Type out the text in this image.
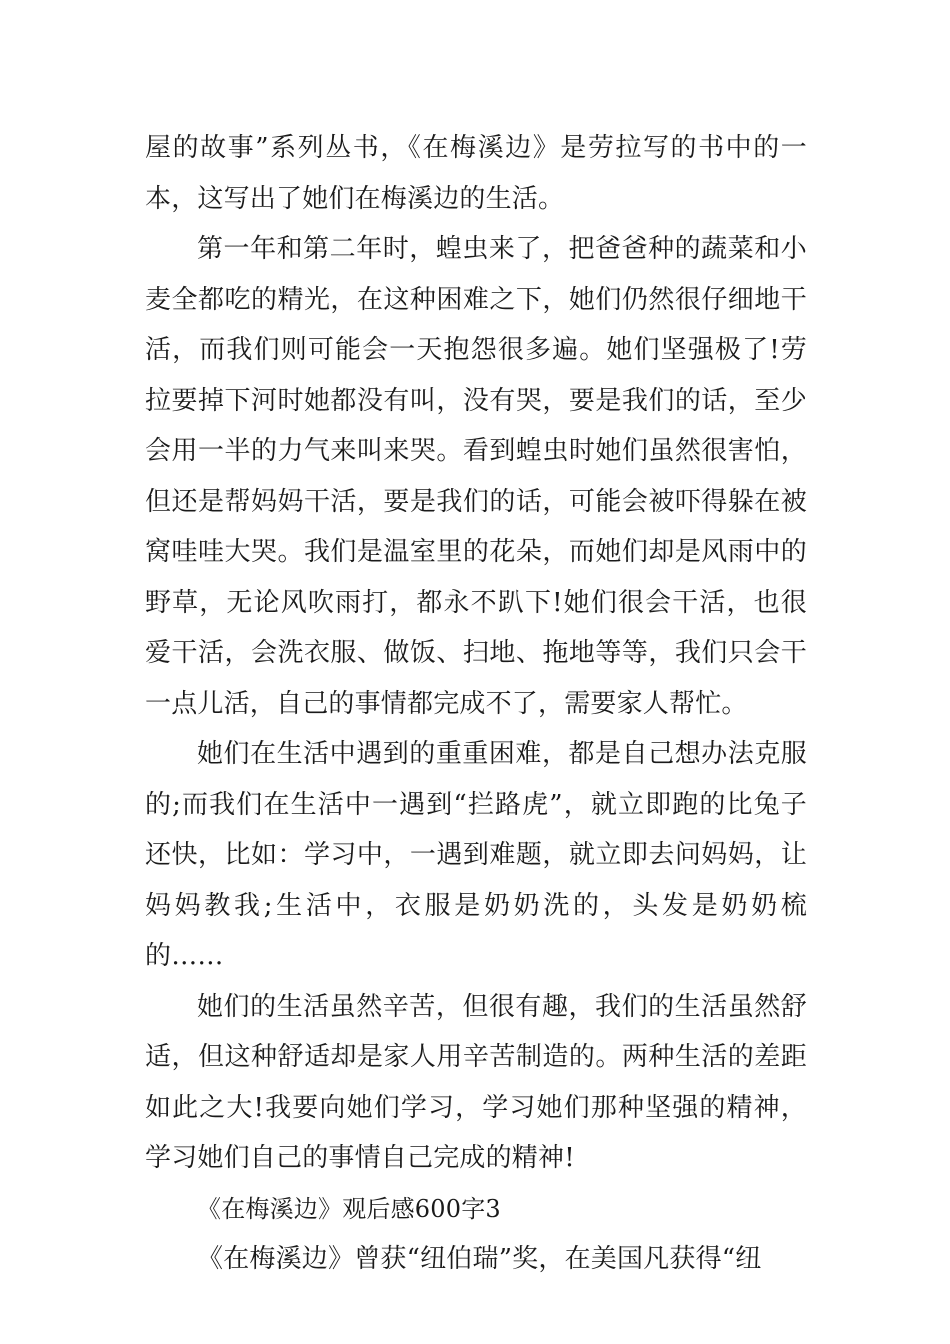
屋的故事”系列丛书，《在梅溪边》是劳拉写的书中的一本，这写出了她们在梅溪边的生活。

第一年和第二年时，蝗虫来了，把爸爸种的蔬菜和小麦全都吃的精光，在这种困难之下，她们仍然很仔细地干活，而我们则可能会一天抱怨很多遍。她们坚强极了!劳拉要掉下河时她都没有叫，没有哭，要是我们的话，至少会用一半的力气来叫来哭。看到蝗虫时她们虽然很害怕，但还是帮妈妈干活，要是我们的话，可能会被吓得躲在被窝哇哇大哭。我们是温室里的花朵，而她们却是风雨中的野草，无论风吹雨打，都永不趴下!她们很会干活，也很爱干活，会洗衣服、做饭、扫地、拖地等等，我们只会干一点儿活，自己的事情都完成不了，需要家人帮忙。

她们在生活中遇到的重重困难，都是自己想办法克服的;而我们在生活中一遇到“拦路虎”，就立即跑的比兔子还快，比如：学习中，一遇到难题，就立即去问妈妈，让妈妈教我;生活中，衣服是奶奶洗的，头发是奶奶梳的……

她们的生活虽然辛苦，但很有趣，我们的生活虽然舒适，但这种舒适却是家人用辛苦制造的。两种生活的差距如此之大!我要向她们学习，学习她们那种坚强的精神，学习她们自己的事情自己完成的精神!

《在梅溪边》观后感600字3

《在梅溪边》曾获“纽伯瑞”奖，在美国凡获得“纽
